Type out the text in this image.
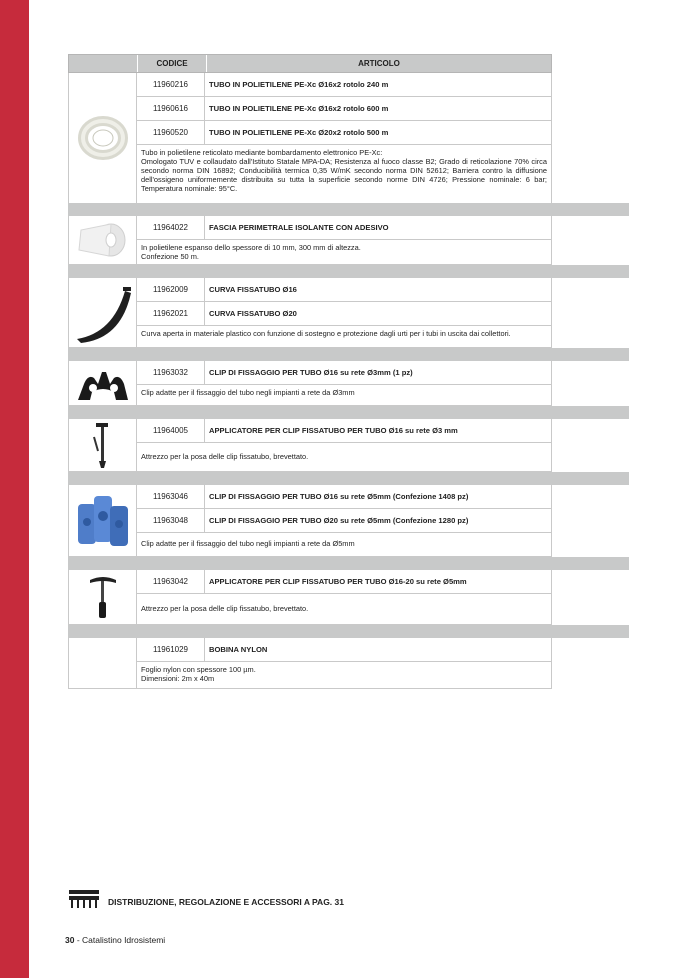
CODICE	ARTICOLO
11960216	TUBO IN POLIETILENE PE-Xc Ø16x2 rotolo 240 m
11960616	TUBO IN POLIETILENE PE-Xc Ø16x2 rotolo 600 m
11960520	TUBO IN POLIETILENE PE-Xc Ø20x2 rotolo 500 m
Tubo in polietilene reticolato mediante bombardamento elettronico PE-Xc:
Omologato TUV e collaudato dall'Istituto Statale MPA-DA; Resistenza al fuoco classe B2; Grado di reticolazione 70% circa secondo norma DIN 16892; Conducibilità termica 0,35 W/mK secondo norma DIN 52612; Barriera contro la diffusione dell'ossigeno uniformemente distribuita su tutta la superficie secondo norme DIN 4726; Pressione nominale: 6 bar; Temperatura nominale: 95°C.
11964022	FASCIA PERIMETRALE ISOLANTE CON ADESIVO
In polietilene espanso dello spessore di 10 mm, 300 mm di altezza.
Confezione 50 m.
11962009	CURVA FISSATUBO Ø16
11962021	CURVA FISSATUBO Ø20
Curva aperta in materiale plastico con funzione di sostegno e protezione dagli urti per i tubi in uscita dai collettori.
11963032	CLIP DI FISSAGGIO PER TUBO Ø16 su rete Ø3mm (1 pz)
Clip adatte per il fissaggio del tubo negli impianti a rete da Ø3mm
11964005	APPLICATORE PER CLIP FISSATUBO PER TUBO Ø16 su rete Ø3 mm
Attrezzo per la posa delle clip fissatubo, brevettato.
11963046	CLIP DI FISSAGGIO PER TUBO Ø16 su rete Ø5mm (Confezione 1408 pz)
11963048	CLIP DI FISSAGGIO PER TUBO Ø20 su rete Ø5mm (Confezione 1280 pz)
Clip adatte per il fissaggio del tubo negli impianti a rete da Ø5mm
11963042	APPLICATORE PER CLIP FISSATUBO PER TUBO Ø16-20 su rete Ø5mm
Attrezzo per la posa delle clip fissatubo, brevettato.
11961029	BOBINA NYLON
Foglio nylon con spessore 100 µm.
Dimensioni: 2m x 40m
DISTRIBUZIONE, REGOLAZIONE E ACCESSORI A PAG. 31
30 - Catalistino Idrosistemi
